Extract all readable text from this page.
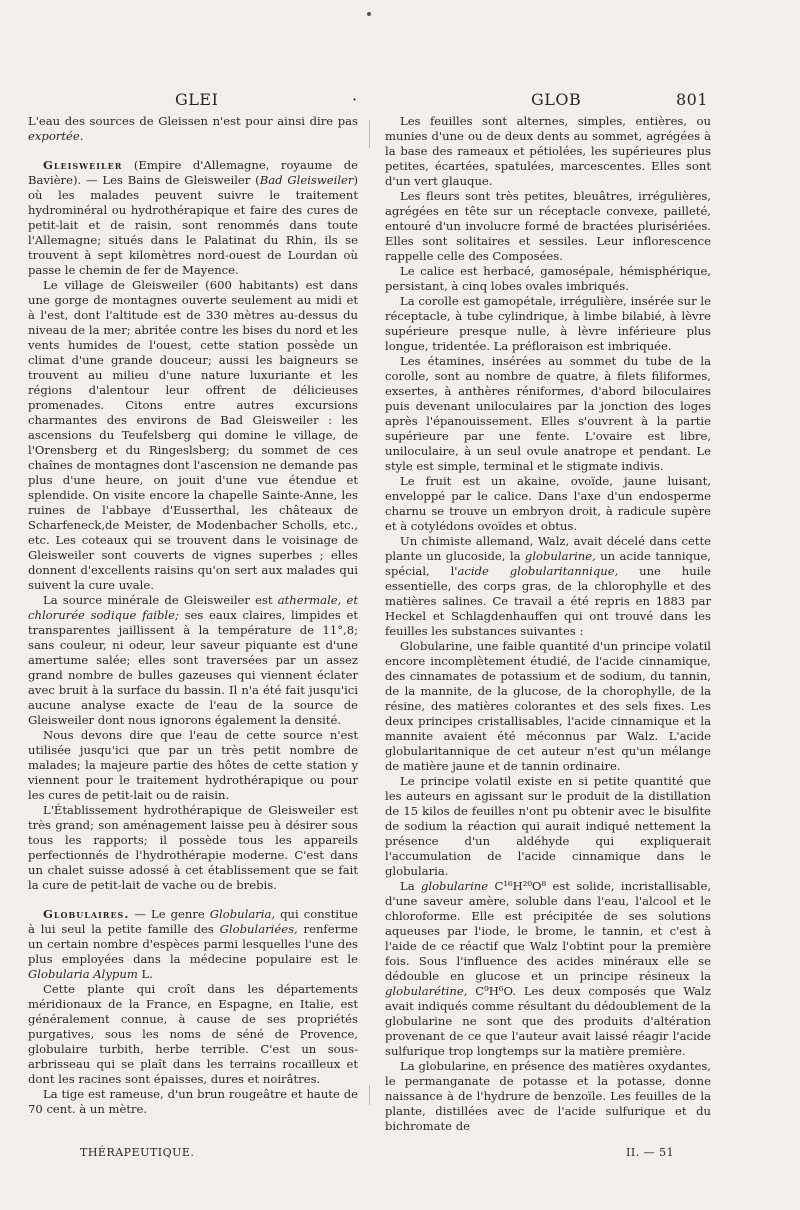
GLEI	·	GLOB	801

L'eau des sources de Gleissen n'est pour ainsi dire pas exportée.

Gleisweiler (Empire d'Allemagne, royaume de Bavière). — Les Bains de Gleisweiler (Bad Gleisweiler) où les malades peuvent suivre le traitement hydrominéral ou hydrothérapique et faire des cures de petit-lait et de raisin, sont renommés dans toute l'Allemagne; situés dans le Palatinat du Rhin, ils se trouvent à sept kilomètres nord-ouest de Lourdan où passe le chemin de fer de Mayence.

Le village de Gleisweiler (600 habitants) est dans une gorge de montagnes ouverte seulement au midi et à l'est, dont l'altitude est de 330 mètres au-dessus du niveau de la mer; abritée contre les bises du nord et les vents humides de l'ouest, cette station possède un climat d'une grande douceur; aussi les baigneurs se trouvent au milieu d'une nature luxuriante et les régions d'alentour leur offrent de délicieuses promenades. Citons entre autres excursions charmantes des environs de Bad Gleisweiler : les ascensions du Teufelsberg qui domine le village, de l'Orensberg et du Ringeslsberg; du sommet de ces chaînes de montagnes dont l'ascension ne demande pas plus d'une heure, on jouit d'une vue étendue et splendide. On visite encore la chapelle Sainte-Anne, les ruines de l'abbaye d'Eusserthal, les châteaux de Scharfeneck,de Meister, de Modenbacher Scholls, etc., etc. Les coteaux qui se trouvent dans le voisinage de Gleisweiler sont couverts de vignes superbes ; elles donnent d'excellents raisins qu'on sert aux malades qui suivent la cure uvale.

La source minérale de Gleisweiler est athermale, et chlorurée sodique faible; ses eaux claires, limpides et transparentes jaillissent à la température de 11°,8; sans couleur, ni odeur, leur saveur piquante est d'une amertume salée; elles sont traversées par un assez grand nombre de bulles gazeuses qui viennent éclater avec bruit à la surface du bassin. Il n'a été fait jusqu'ici aucune analyse exacte de l'eau de la source de Gleisweiler dont nous ignorons également la densité.

Nous devons dire que l'eau de cette source n'est utilisée jusqu'ici que par un très petit nombre de malades; la majeure partie des hôtes de cette station y viennent pour le traitement hydrothérapique ou pour les cures de petit-lait ou de raisin.

L'Établissement hydrothérapique de Gleisweiler est très grand; son aménagement laisse peu à désirer sous tous les rapports; il possède tous les appareils perfectionnés de l'hydrothérapie moderne. C'est dans un chalet suisse adossé à cet établissement que se fait la cure de petit-lait de vache ou de brebis.

Globulaires. — Le genre Globularia, qui constitue à lui seul la petite famille des Globulariées, renferme un certain nombre d'espèces parmi lesquelles l'une des plus employées dans la médecine populaire est le Globularia Alypum L.

Cette plante qui croît dans les départements méridionaux de la France, en Espagne, en Italie, est généralement connue, à cause de ses propriétés purgatives, sous les noms de séné de Provence, globulaire turbith, herbe terrible. C'est un sous-arbrisseau qui se plaît dans les terrains rocailleux et dont les racines sont épaisses, dures et noirâtres.

La tige est rameuse, d'un brun rougeâtre et haute de 70 cent. à un mètre.

Les feuilles sont alternes, simples, entières, ou munies d'une ou de deux dents au sommet, agrégées à la base des rameaux et pétiolées, les supérieures plus petites, écartées, spatulées, marcescentes. Elles sont d'un vert glauque.

Les fleurs sont très petites, bleuâtres, irrégulières, agrégées en tête sur un réceptacle convexe, pailleté, entouré d'un involucre formé de bractées plurisériées. Elles sont solitaires et sessiles. Leur inflorescence rappelle celle des Composées.

Le calice est herbacé, gamosépale, hémisphérique, persistant, à cinq lobes ovales imbriqués.

La corolle est gamopétale, irrégulière, insérée sur le réceptacle, à tube cylindrique, à limbe bilabié, à lèvre supérieure presque nulle, à lèvre inférieure plus longue, tridentée. La préfloraison est imbriquée.

Les étamines, insérées au sommet du tube de la corolle, sont au nombre de quatre, à filets filiformes, exsertes, à anthères réniformes, d'abord biloculaires puis devenant uniloculaires par la jonction des loges après l'épanouissement. Elles s'ouvrent à la partie supérieure par une fente. L'ovaire est libre, uniloculaire, à un seul ovule anatrope et pendant. Le style est simple, terminal et le stigmate indivis.

Le fruit est un akaine, ovoïde, jaune luisant, enveloppé par le calice. Dans l'axe d'un endosperme charnu se trouve un embryon droit, à radicule supère et à cotylédons ovoïdes et obtus.

Un chimiste allemand, Walz, avait décelé dans cette plante un glucoside, la globularine, un acide tannique, spécial, l'acide globularitannique, une huile essentielle, des corps gras, de la chlorophylle et des matières salines. Ce travail a été repris en 1883 par Heckel et Schlagdenhauffen qui ont trouvé dans les feuilles les substances suivantes :

Globularine, une faible quantité d'un principe volatil encore incomplètement étudié, de l'acide cinnamique, des cinnamates de potassium et de sodium, du tannin, de la mannite, de la glucose, de la chorophylle, de la résine, des matières colorantes et des sels fixes. Les deux principes cristallisables, l'acide cinnamique et la mannite avaient été méconnus par Walz. L'acide globularitannique de cet auteur n'est qu'un mélange de matière jaune et de tannin ordinaire.

Le principe volatil existe en si petite quantité que les auteurs en agissant sur le produit de la distillation de 15 kilos de feuilles n'ont pu obtenir avec le bisulfite de sodium la réaction qui aurait indiqué nettement la présence d'un aldéhyde qui expliquerait l'accumulation de l'acide cinnamique dans le globularia.

La globularine C¹⁶H²⁰O⁸ est solide, incristallisable, d'une saveur amère, soluble dans l'eau, l'alcool et le chloroforme. Elle est précipitée de ses solutions aqueuses par l'iode, le brome, le tannin, et c'est à l'aide de ce réactif que Walz l'obtint pour la première fois. Sous l'influence des acides minéraux elle se dédouble en glucose et un principe résineux la globularétine, C⁹H⁶O. Les deux composés que Walz avait indiqués comme résultant du dédoublement de la globularine ne sont que des produits d'altération provenant de ce que l'auteur avait laissé réagir l'acide sulfurique trop longtemps sur la matière première.

La globularine, en présence des matières oxydantes, le permanganate de potasse et la potasse, donne naissance à de l'hydrure de benzoïle. Les feuilles de la plante, distillées avec de l'acide sulfurique et du bichromate de

THÉRAPEUTIQUE.	II. — 51
